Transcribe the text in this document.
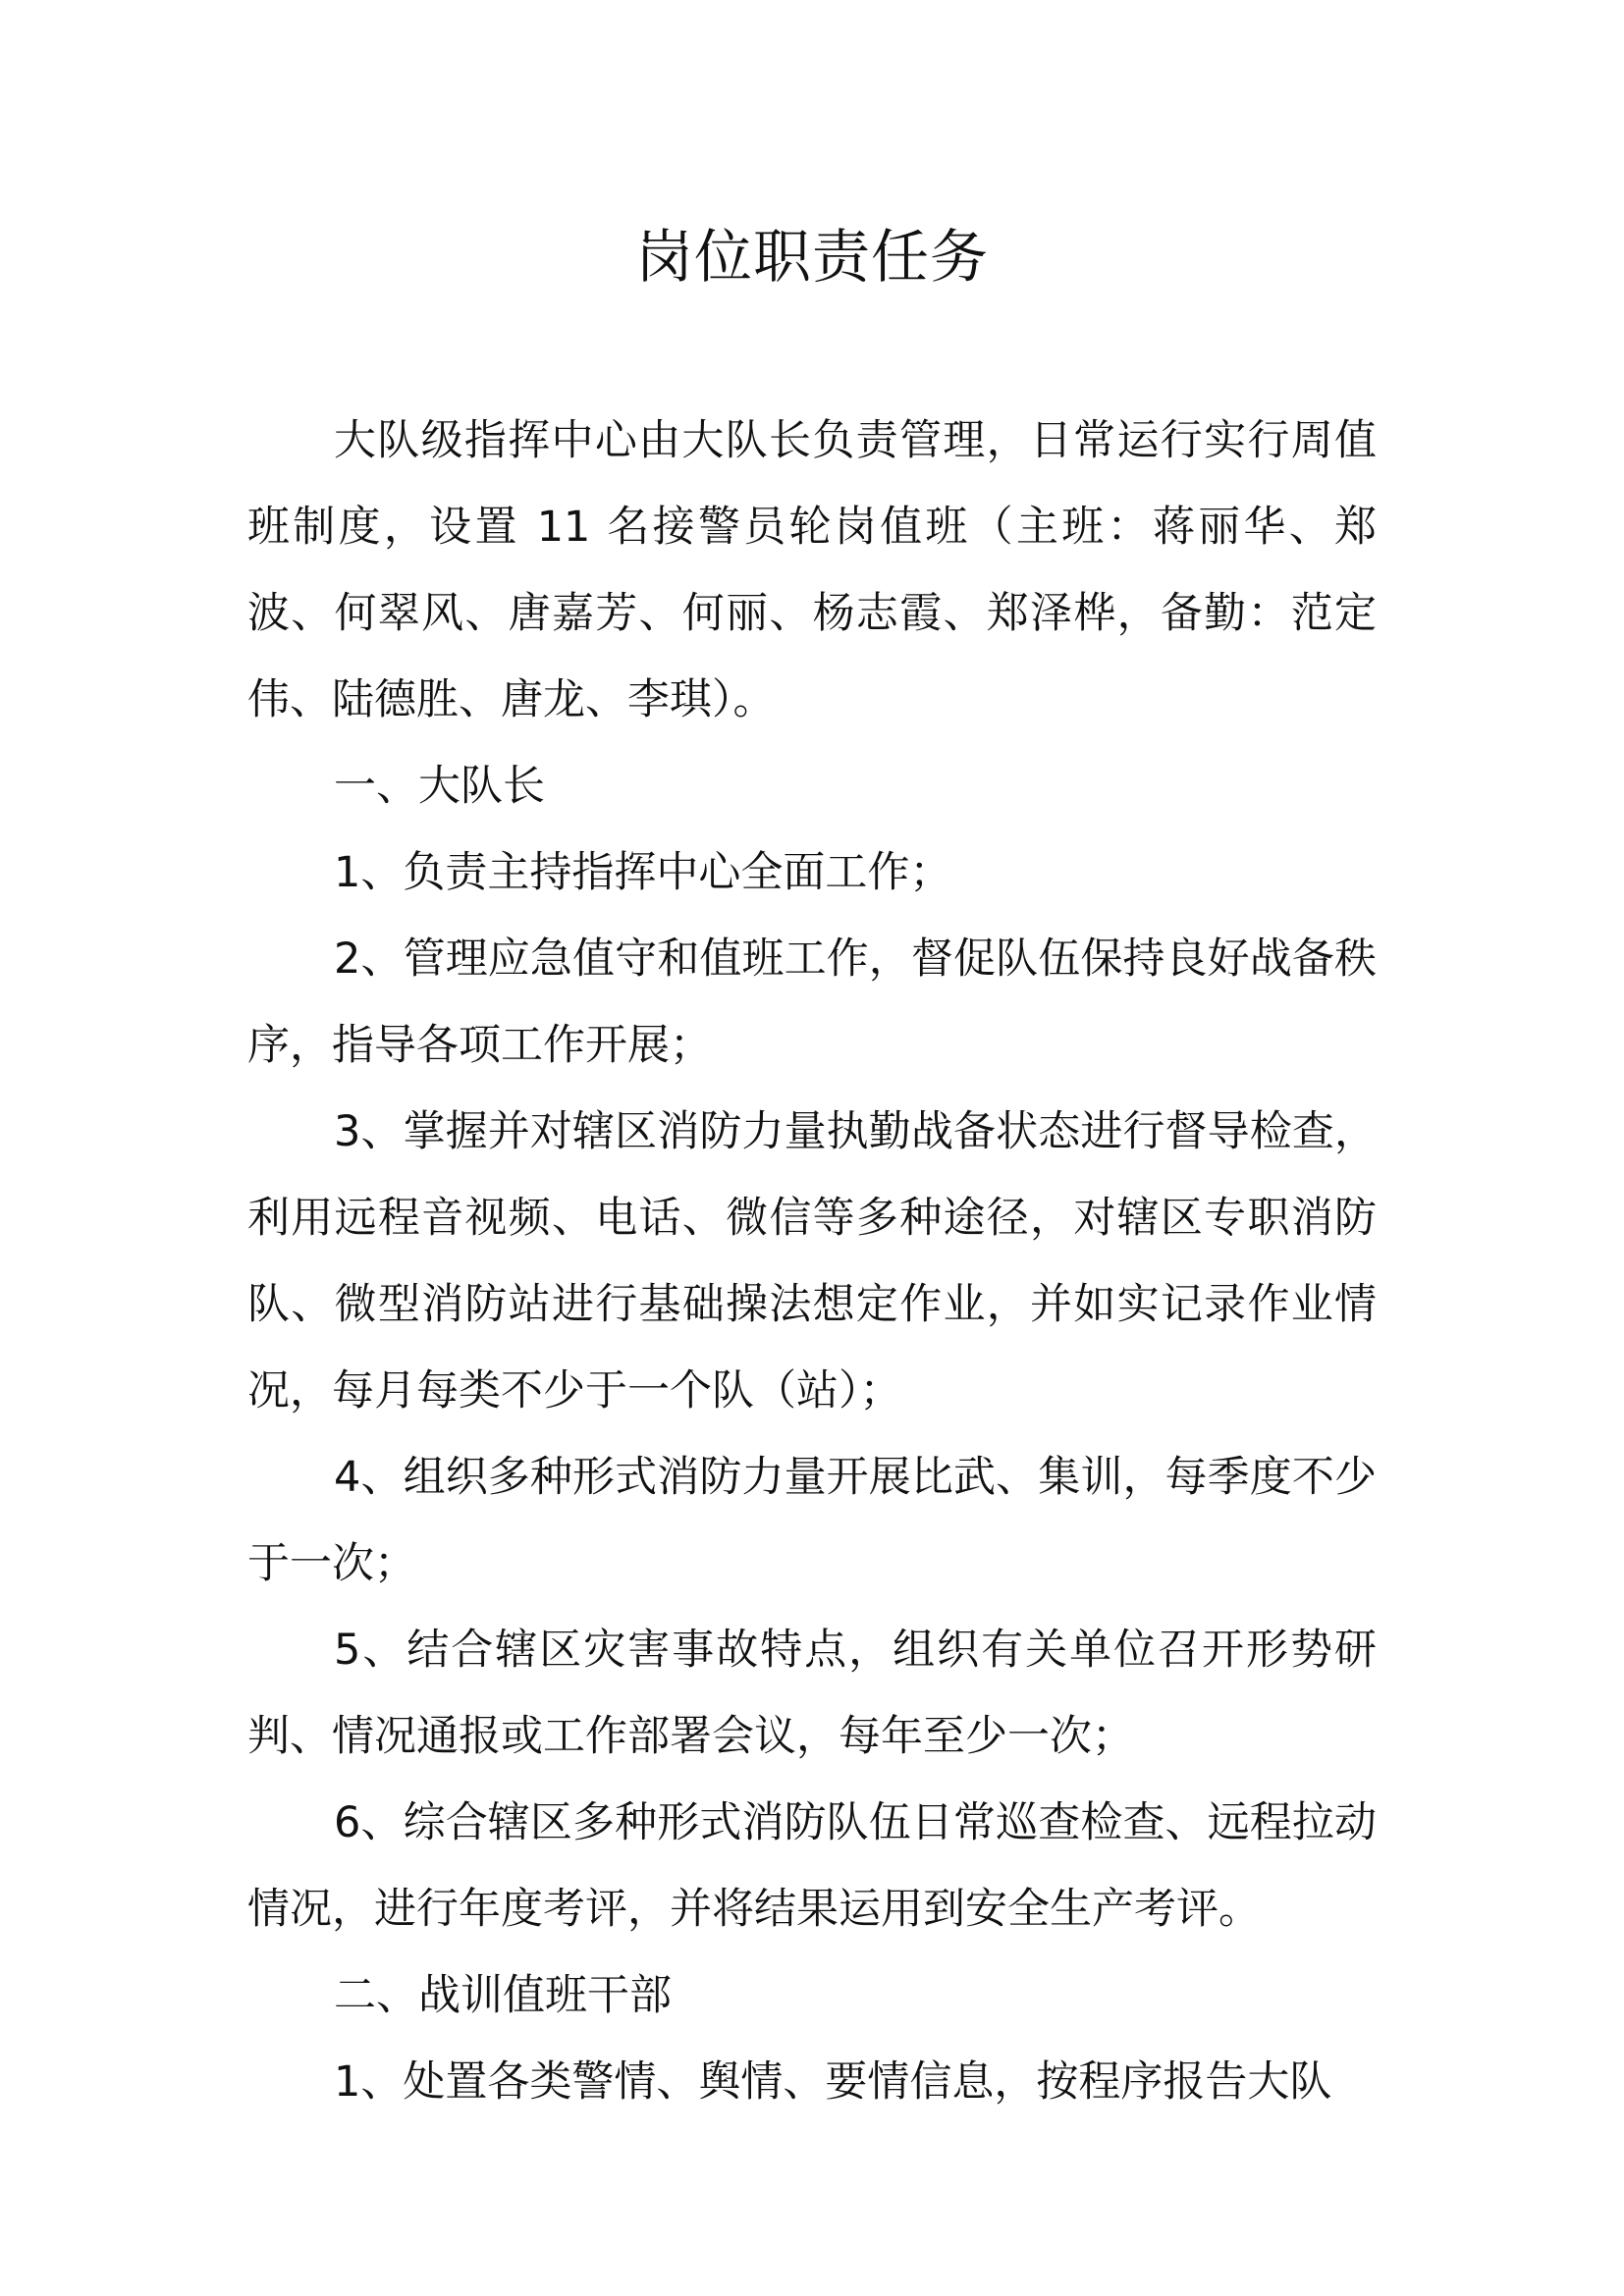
岗位职责任务

大队级指挥中心由大队长负责管理，日常运行实行周值班制度，设置 11 名接警员轮岗值班（主班：蒋丽华、郑波、何翠风、唐嘉芳、何丽、杨志霞、郑泽桦，备勤：范定伟、陆德胜、唐龙、李琪）。

一、大队长

1、负责主持指挥中心全面工作；

2、管理应急值守和值班工作，督促队伍保持良好战备秩序，指导各项工作开展；

3、掌握并对辖区消防力量执勤战备状态进行督导检查，利用远程音视频、电话、微信等多种途径，对辖区专职消防队、微型消防站进行基础操法想定作业，并如实记录作业情况，每月每类不少于一个队（站）；

4、组织多种形式消防力量开展比武、集训，每季度不少于一次；

5、结合辖区灾害事故特点，组织有关单位召开形势研判、情况通报或工作部署会议，每年至少一次；

6、综合辖区多种形式消防队伍日常巡查检查、远程拉动情况，进行年度考评，并将结果运用到安全生产考评。

二、战训值班干部

1、处置各类警情、舆情、要情信息，按程序报告大队
